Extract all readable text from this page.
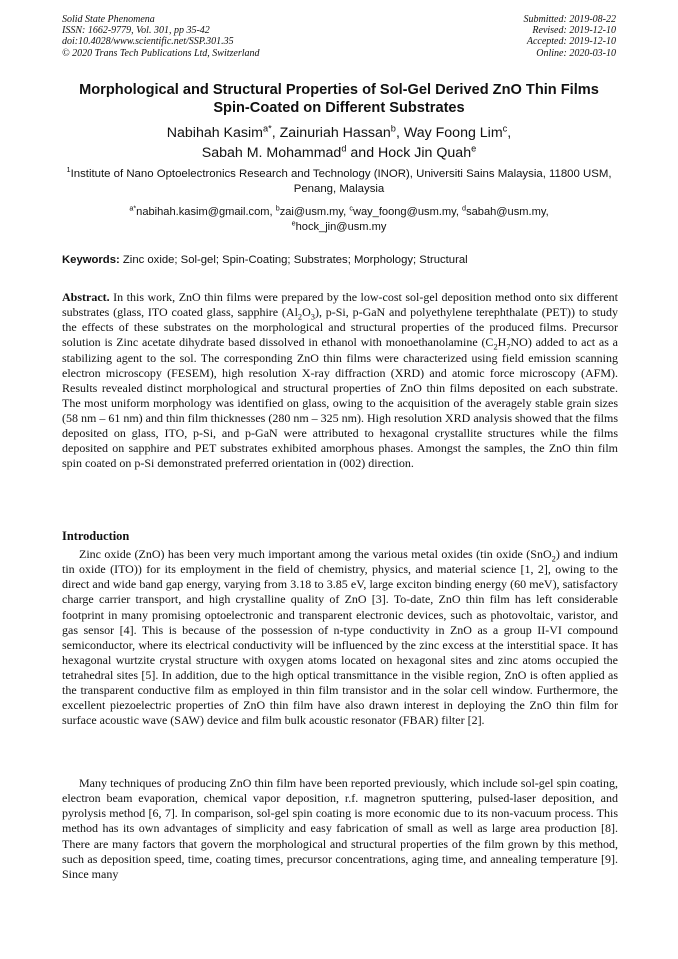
Solid State Phenomena
ISSN: 1662-9779, Vol. 301, pp 35-42
doi:10.4028/www.scientific.net/SSP.301.35
© 2020 Trans Tech Publications Ltd, Switzerland
Submitted: 2019-08-22
Revised: 2019-12-10
Accepted: 2019-12-10
Online: 2020-03-10
Morphological and Structural Properties of Sol-Gel Derived ZnO Thin Films Spin-Coated on Different Substrates
Nabihah Kasim$^{a*}$, Zainuriah Hassan$^b$, Way Foong Lim$^c$,
Sabah M. Mohammad$^d$ and Hock Jin Quah$^e$
$^1$Institute of Nano Optoelectronics Research and Technology (INOR), Universiti Sains Malaysia, 11800 USM, Penang, Malaysia
$^{a*}$nabihah.kasim@gmail.com, $^b$zai@usm.my, $^c$way_foong@usm.my, $^d$sabah@usm.my,
$^e$hock_jin@usm.my
Keywords: Zinc oxide; Sol-gel; Spin-Coating; Substrates; Morphology; Structural
Abstract. In this work, ZnO thin films were prepared by the low-cost sol-gel deposition method onto six different substrates (glass, ITO coated glass, sapphire $(Al_2O_3)$, p-Si, p-GaN and polyethylene terephthalate (PET)) to study the effects of these substrates on the morphological and structural properties of the produced films. Precursor solution is Zinc acetate dihydrate based dissolved in ethanol with monoethanolamine $(C_2H_7NO)$ added to act as a stabilizing agent to the sol. The corresponding ZnO thin films were characterized using field emission scanning electron microscopy (FESEM), high resolution X-ray diffraction (XRD) and atomic force microscopy (AFM). Results revealed distinct morphological and structural properties of ZnO thin films deposited on each substrate. The most uniform morphology was identified on glass, owing to the acquisition of the averagely stable grain sizes (58 nm – 61 nm) and thin film thicknesses (280 nm – 325 nm). High resolution XRD analysis showed that the films deposited on glass, ITO, p-Si, and p-GaN were attributed to hexagonal crystallite structures while the films deposited on sapphire and PET substrates exhibited amorphous phases. Amongst the samples, the ZnO thin film spin coated on p-Si demonstrated preferred orientation in (002) direction.
Introduction
Zinc oxide (ZnO) has been very much important among the various metal oxides (tin oxide (SnO$_2$) and indium tin oxide (ITO)) for its employment in the field of chemistry, physics, and material science [1, 2], owing to the direct and wide band gap energy, varying from 3.18 to 3.85 eV, large exciton binding energy (60 meV), satisfactory charge carrier transport, and high crystalline quality of ZnO [3]. To-date, ZnO thin film has left considerable footprint in many promising optoelectronic and transparent electronic devices, such as photovoltaic, varistor, and gas sensor [4]. This is because of the possession of n-type conductivity in ZnO as a group II-VI compound semiconductor, where its electrical conductivity will be influenced by the zinc excess at the interstitial space. It has hexagonal wurtzite crystal structure with oxygen atoms located on hexagonal sites and zinc atoms occupied the tetrahedral sites [5]. In addition, due to the high optical transmittance in the visible region, ZnO is often applied as the transparent conductive film as employed in thin film transistor and in the solar cell window. Furthermore, the excellent piezoelectric properties of ZnO thin film have also drawn interest in deploying the ZnO thin film for surface acoustic wave (SAW) device and film bulk acoustic resonator (FBAR) filter [2].
Many techniques of producing ZnO thin film have been reported previously, which include sol-gel spin coating, electron beam evaporation, chemical vapor deposition, r.f. magnetron sputtering, pulsed-laser deposition, and pyrolysis method [6, 7]. In comparison, sol-gel spin coating is more economic due to its non-vacuum process. This method has its own advantages of simplicity and easy fabrication of small as well as large area production [8]. There are many factors that govern the morphological and structural properties of the film grown by this method, such as deposition speed, time, coating times, precursor concentrations, aging time, and annealing temperature [9]. Since many
